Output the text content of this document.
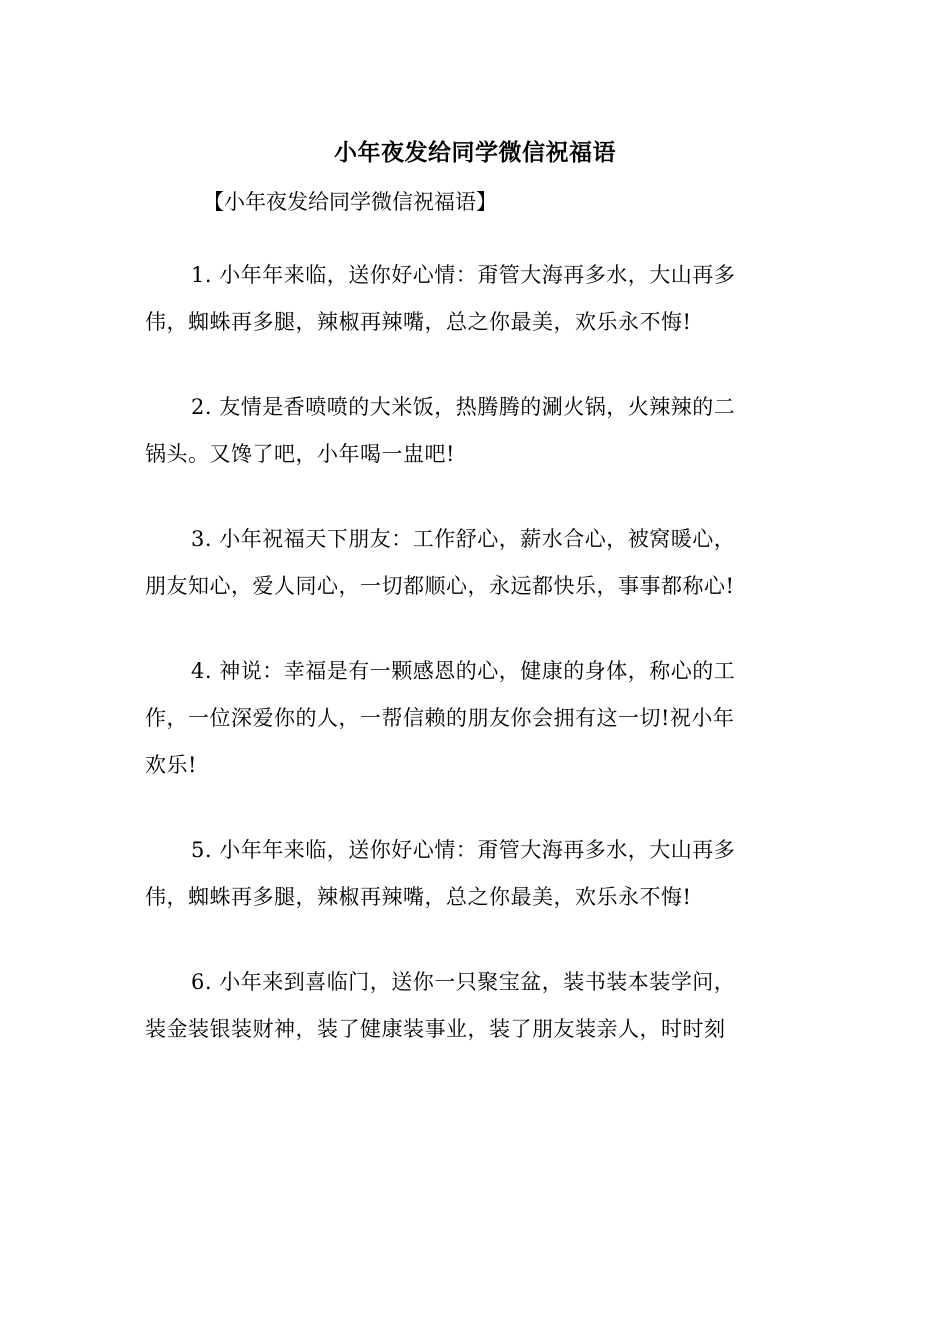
小年夜发给同学微信祝福语
【小年夜发给同学微信祝福语】

1. 小年年来临，送你好心情：甭管大海再多水，大山再多
伟，蜘蛛再多腿，辣椒再辣嘴，总之你最美，欢乐永不悔!

2. 友情是香喷喷的大米饭，热腾腾的涮火锅，火辣辣的二
锅头。又馋了吧，小年喝一盅吧!

3. 小年祝福天下朋友：工作舒心，薪水合心，被窝暖心，
朋友知心，爱人同心，一切都顺心，永远都快乐，事事都称心!

4. 神说：幸福是有一颗感恩的心，健康的身体，称心的工
作，一位深爱你的人，一帮信赖的朋友你会拥有这一切!祝小年
欢乐!

5. 小年年来临，送你好心情：甭管大海再多水，大山再多
伟，蜘蛛再多腿，辣椒再辣嘴，总之你最美，欢乐永不悔!

6. 小年来到喜临门，送你一只聚宝盆，装书装本装学问，
装金装银装财神，装了健康装事业，装了朋友装亲人，时时刻
